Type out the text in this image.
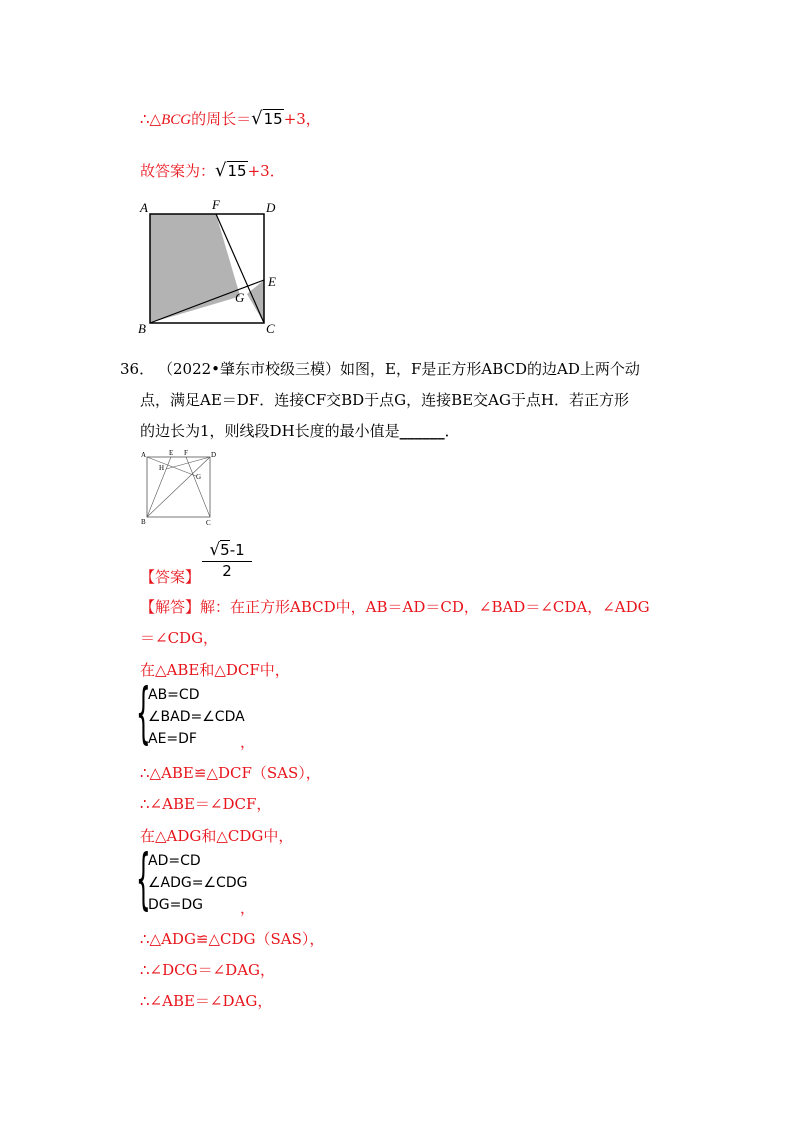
∴△BCG的周长＝√15+3，
故答案为：√15+3．
A	F	D
E
G
B	C
36． （2022•肇东市校级三模）如图，E，F是正方形ABCD的边AD上两个动
点，满足AE＝DF．连接CF交BD于点G，连接BE交AG于点H．若正方形
的边长为1，则线段DH长度的最小值是______．
A	E F	D
H
G
B	C
【答案】 $\frac{√5-1}{2}$
【解答】解：在正方形ABCD中，AB＝AD＝CD，∠BAD＝∠CDA，∠ADG
＝∠CDG，
在△ABE和△DCF中，
{
AB=CD
∠BAD=∠CDA
AE=DF	，
∴△ABE≌△DCF（SAS），
∴∠ABE＝∠DCF，
在△ADG和△CDG中，
{
AD=CD
∠ADG=∠CDG
DG=DG	，
∴△ADG≌△CDG（SAS），
∴∠DCG＝∠DAG，
∴∠ABE＝∠DAG，
